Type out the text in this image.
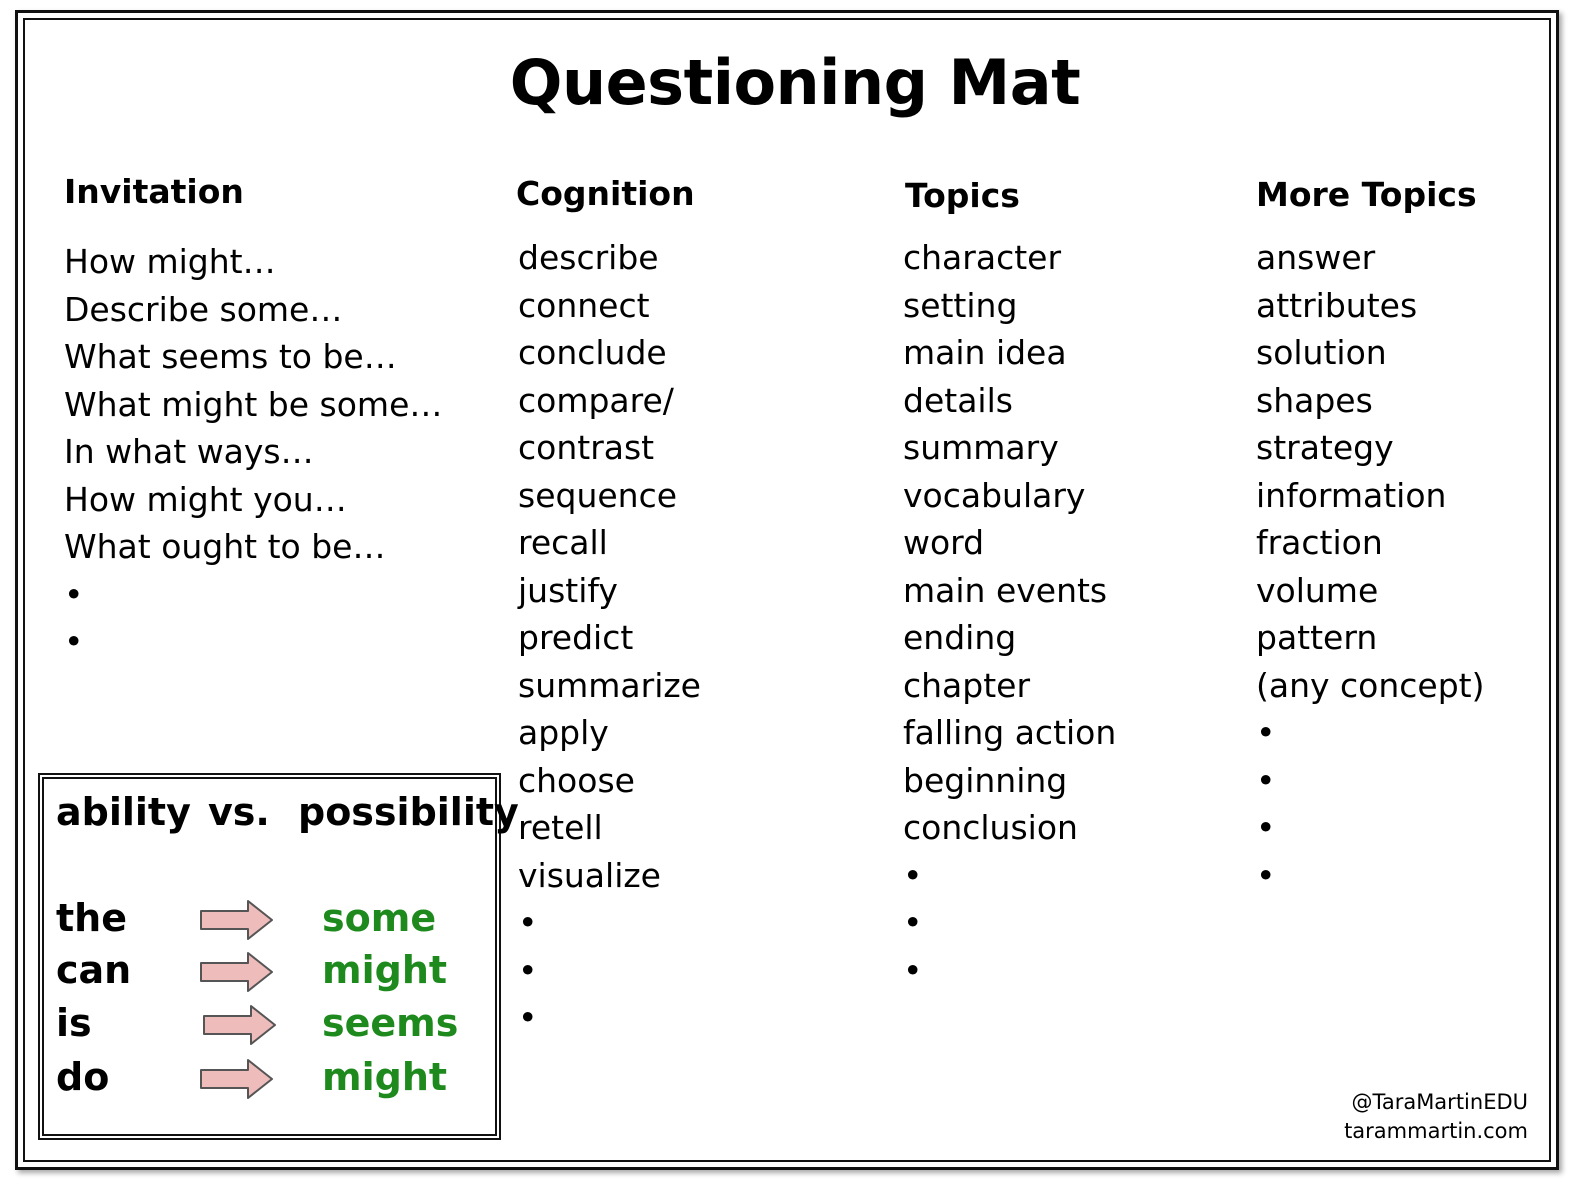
Questioning Mat
Invitation
How might…
Describe some…
What seems to be…
What might be some…
In what ways…
How might you…
What ought to be…
•
•
Cognition
describe
connect
conclude
compare/
contrast
sequence
recall
justify
predict
summarize
apply
choose
retell
visualize
•
•
•
Topics
character
setting
main idea
details
summary
vocabulary
word
main events
ending
chapter
falling action
beginning
conclusion
•
•
•
More Topics
answer
attributes
solution
shapes
strategy
information
fraction
volume
pattern
(any concept)
•
•
•
•
ability vs. possibility
the	some
can	might
is	seems
do	might
@TaraMartinEDU
tarammartin.com
